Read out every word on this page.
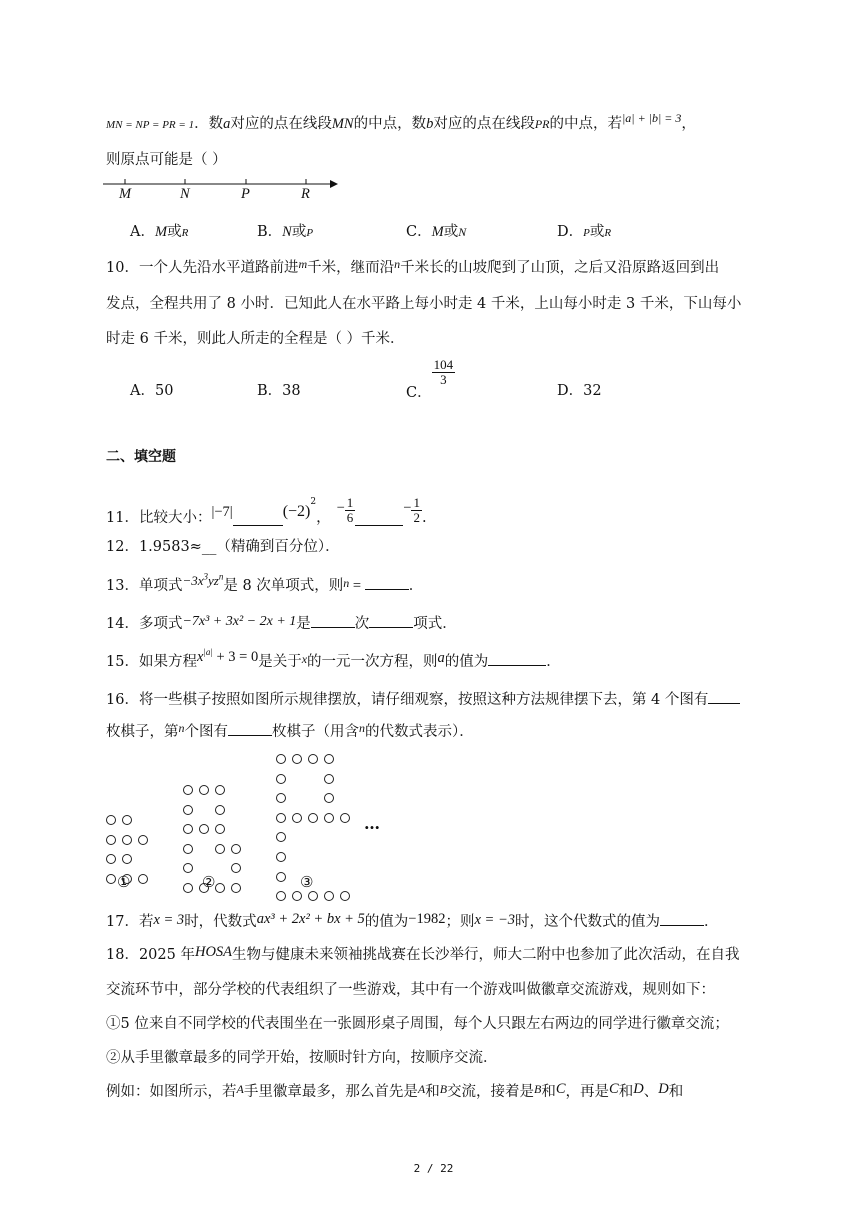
MN = NP = PR = 1．数a对应的点在线段MN的中点，数b对应的点在线段PR的中点，若$^{|a| + |b| = 3}$，
则原点可能是（ ）
M	N	P	R
A．M或R	B．N或P	C．M或N	D．P或R
10．一个人先沿水平道路前进$^m$千米，继而沿$^n$千米长的山坡爬到了山顶，之后又沿原路返回到出
发点，全程共用了 8 小时．已知此人在水平路上每小时走 4 千米，上山每小时走 3 千米，下山每小
时走 6 千米，则此人所走的全程是（ ）千米．
A．50	B．38	C．
$\frac{104}{3}$
D．32
二、填空题
11．比较大小：|−7|	$(-2)^2$，− $\frac{1}{6}$	− $\frac{1}{2}$ .
12．1.9583≈__（精确到百分位）．
13．单项式$-3x^3yz^n$是 8 次单项式，则$^n$ =	．
14．多项式−7x³ + 3x² − 2x + 1是	次	项式．
15．如果方程$x^{|a|} + 3 = 0$是关于$^x$的一元一次方程，则a的值为	．
16．将一些棋子按照如图所示规律摆放，请仔细观察，按照这种方法规律摆下去，第 4 个图有
枚棋子，第$^n$个图有	枚棋子（用含$^n$的代数式表示）．
①	②	③
…
17．若x = 3时，代数式ax³ + 2x² + bx + 5的值为−1982；则x = −3时，这个代数式的值为	．
18．2025 年HOSA生物与健康未来领袖挑战赛在长沙举行，师大二附中也参加了此次活动，在自我
交流环节中，部分学校的代表组织了一些游戏，其中有一个游戏叫做徽章交流游戏，规则如下：
①5 位来自不同学校的代表围坐在一张圆形桌子周围，每个人只跟左右两边的同学进行徽章交流；
②从手里徽章最多的同学开始，按顺时针方向，按顺序交流．
例如：如图所示，若$^A$手里徽章最多，那么首先是$^A$和$^B$交流，接着是$^B$和C，再是C和D、D和
2 / 22
